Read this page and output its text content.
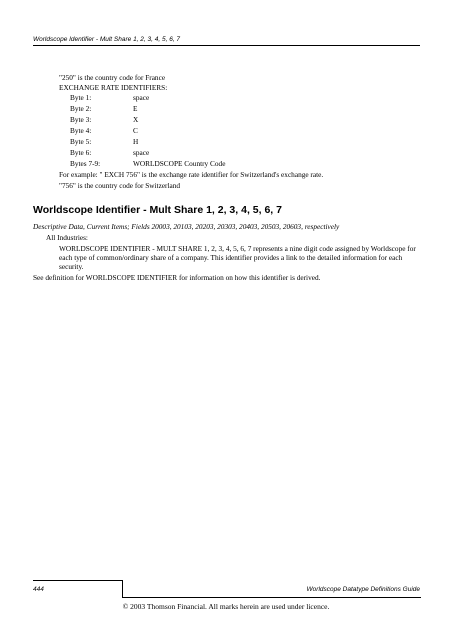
Worldscope Identifier - Mult Share 1, 2, 3, 4, 5, 6, 7
"250" is the country code for France
EXCHANGE RATE IDENTIFIERS:
Byte 1:	space
Byte 2:	E
Byte 3:	X
Byte 4:	C
Byte 5:	H
Byte 6:	space
Bytes 7-9:	WORLDSCOPE Country Code
For example: " EXCH 756" is the exchange rate identifier for Switzerland's exchange rate.
"756" is the country code for Switzerland
Worldscope Identifier - Mult Share 1, 2, 3, 4, 5, 6, 7
Descriptive Data, Current Items; Fields 20003, 20103, 20203, 20303, 20403, 20503, 20603, respectively
All Industries:
WORLDSCOPE IDENTIFIER - MULT SHARE 1, 2, 3, 4, 5, 6, 7 represents a nine digit code assigned by Worldscope for each type of common/ordinary share of a company. This identifier provides a link to the detailed information for each security.
See definition for WORLDSCOPE IDENTIFIER for information on how this identifier is derived.
444	Worldscope Datatype Definitions Guide
© 2003 Thomson Financial. All marks herein are used under licence.
